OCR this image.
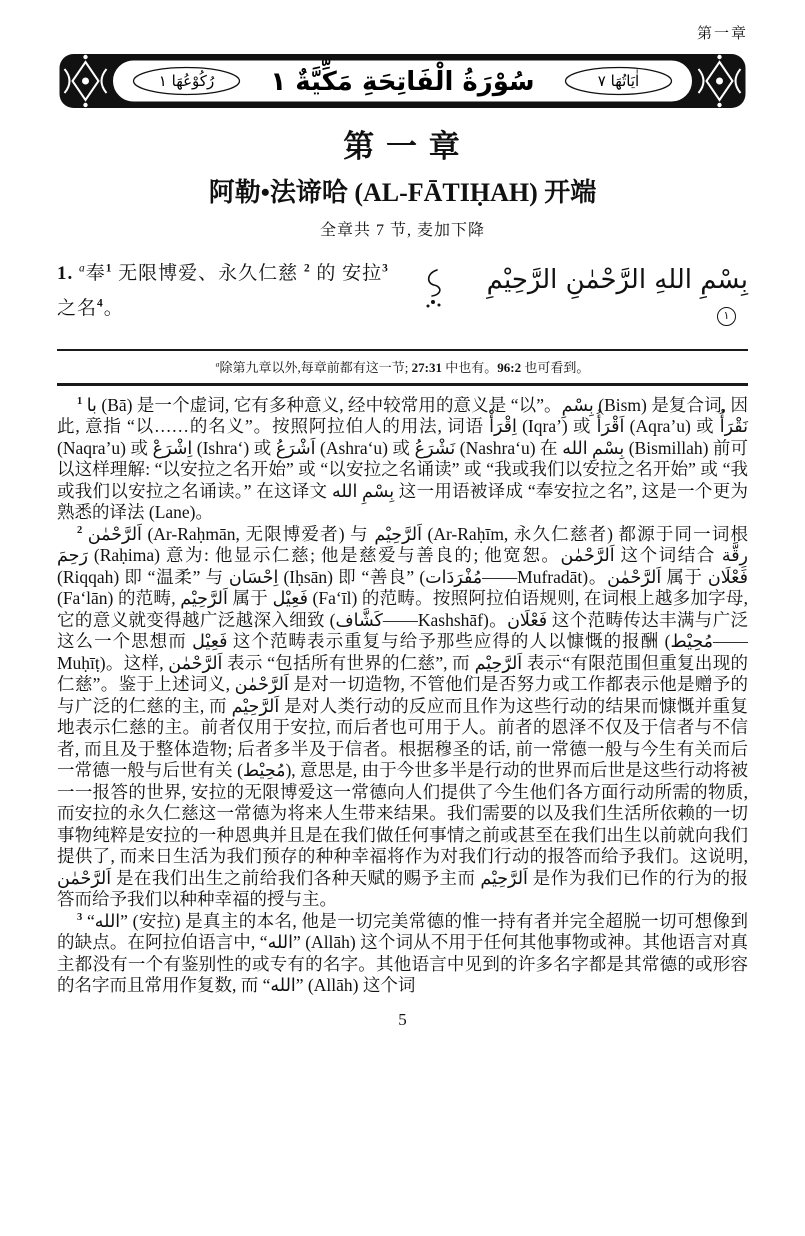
第一章
رُكُوْعُهَا ١	اٰيَاتُهَا ٧
سُوْرَةُ الْفَاتِحَةِ مَكِّيَّةٌ ١
第 一 章
阿勒•法谛哈 (AL-FĀTIḤAH) 开端
全章共 7 节, 麦加下降

1. $^a$奉$^1$ 无限博爱、永久仁慈 $^2$ 的 安拉$^3$ 之名$^4$。

بِسْمِ اللهِ الرَّحْمٰنِ الرَّحِيْمِ ١
$^a$除第九章以外,每章前都有这一节; 27:31 中也有。96:2 也可看到。

$^1$ با (Bā) 是一个虚词, 它有多种意义, 经中较常用的意义是 “以”。بِسْمِ (Bism) 是复合词, 因此, 意指 “以……的名义”。按照阿拉伯人的用法, 词语 اِقْرَأْ (Iqra’) 或 اَقْرَأُ (Aqra’u) 或 نَقْرَأُ (Naqra’u) 或 اِشْرَعْ (Ishra‘) 或 اَشْرَعُ (Ashra‘u) 或 نَشْرَعُ (Nashra‘u) 在 بِسْمِ الله (Bismillah) 前可以这样理解: “以安拉之名开始” 或 “以安拉之名诵读” 或 “我或我们以安拉之名开始” 或 “我或我们以安拉之名诵读。” 在这译文 بِسْمِ الله 这一用语被译成 “奉安拉之名”, 这是一个更为熟悉的译法 (Lane)。

$^2$ اَلرَّحْمٰن (Ar-Raḥmān, 无限博爱者) 与 اَلرَّحِيْم (Ar-Raḥīm, 永久仁慈者) 都源于同一词根 رَحِمَ (Raḥima) 意为: 他显示仁慈; 他是慈爱与善良的; 他宽恕。اَلرَّحْمٰن 这个词结合 رِقَّة (Riqqah) 即 “温柔” 与 اِحْسَان (Iḥsān) 即 “善良” (مُفْرَدَات——Mufradāt)。اَلرَّحْمٰن 属于 فَعْلَان (Fa‘lān) 的范畴, اَلرَّحِيْم 属于 فَعِيْل (Fa‘īl) 的范畴。按照阿拉伯语规则, 在词根上越多加字母, 它的意义就变得越广泛越深入细致 (كَشَّاف——Kashshāf)。فَعْلَان 这个范畴传达丰满与广泛这么一个思想而 فَعِيْل 这个范畴表示重复与给予那些应得的人以慷慨的报酬 (مُحِيْط——Muḥīṭ)。这样, اَلرَّحْمٰن 表示 “包括所有世界的仁慈”, 而 اَلرَّحِيْم 表示“有限范围但重复出现的仁慈”。鉴于上述词义, اَلرَّحْمٰن 是对一切造物, 不管他们是否努力或工作都表示他是赠予的与广泛的仁慈的主, 而 اَلرَّحِيْم 是对人类行动的反应而且作为这些行动的结果而慷慨并重复地表示仁慈的主。前者仅用于安拉, 而后者也可用于人。前者的恩泽不仅及于信者与不信者, 而且及于整体造物; 后者多半及于信者。根据穆圣的话, 前一常德一般与今生有关而后一常德一般与后世有关 (مُحِيْط), 意思是, 由于今世多半是行动的世界而后世是这些行动将被一一报答的世界, 安拉的无限博爱这一常德向人们提供了今生他们各方面行动所需的物质, 而安拉的永久仁慈这一常德为将来人生带来结果。我们需要的以及我们生活所依赖的一切事物纯粹是安拉的一种恩典并且是在我们做任何事情之前或甚至在我们出生以前就向我们提供了, 而来日生活为我们预存的种种幸福将作为对我们行动的报答而给予我们。这说明, اَلرَّحْمٰن 是在我们出生之前给我们各种天赋的赐予主而 اَلرَّحِيْم 是作为我们已作的行为的报答而给予我们以种种幸福的授与主。

$^3$ “الله” (安拉) 是真主的本名, 他是一切完美常德的惟一持有者并完全超脱一切可想像到的缺点。在阿拉伯语言中, “الله” (Allāh) 这个词从不用于任何其他事物或神。其他语言对真主都没有一个有鉴别性的或专有的名字。其他语言中见到的许多名字都是其常德的或形容的名字而且常用作复数, 而 “الله” (Allāh) 这个词

5
